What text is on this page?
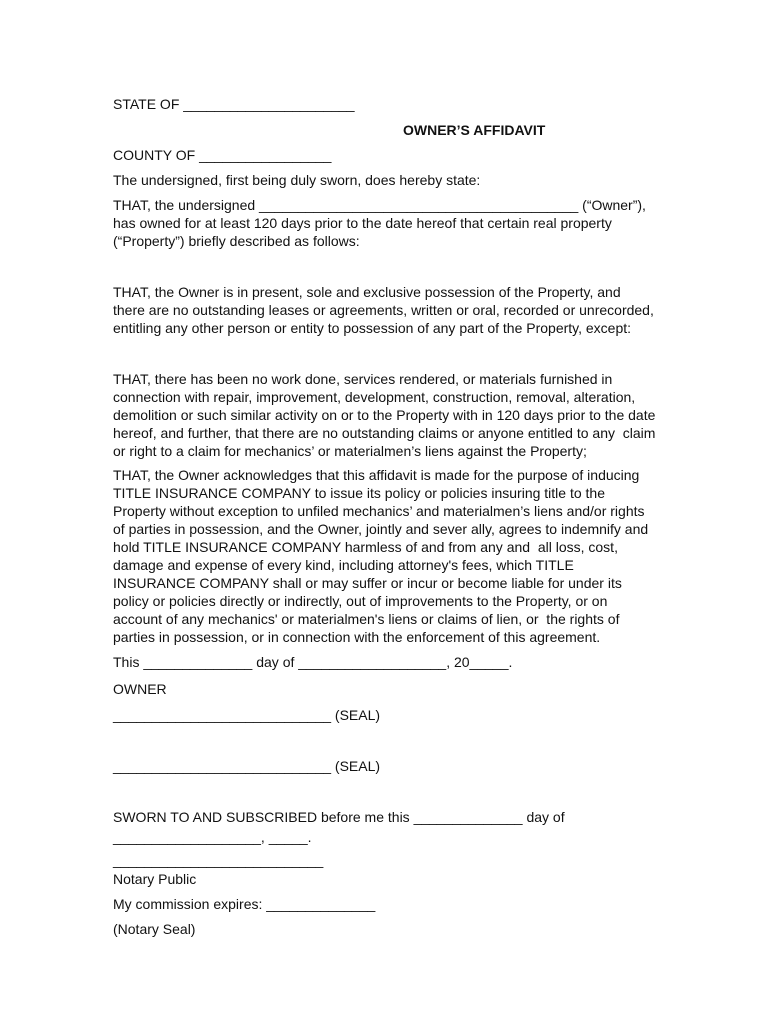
STATE OF ______________________

OWNER’S AFFIDAVIT

COUNTY OF _________________

The undersigned, first being duly sworn, does hereby state:

THAT, the undersigned _________________________________________ (“Owner”),
has owned for at least 120 days prior to the date hereof that certain real property
(“Property”) briefly described as follows:
THAT, the Owner is in present, sole and exclusive possession of the Property, and
there are no outstanding leases or agreements, written or oral, recorded or unrecorded,
entitling any other person or entity to possession of any part of the Property, except:
THAT, there has been no work done, services rendered, or materials furnished in
connection with repair, improvement, development, construction, removal, alteration,
demolition or such similar activity on or to the Property with in 120 days prior to the date
hereof, and further, that there are no outstanding claims or anyone entitled to any  claim
or right to a claim for mechanics’ or materialmen’s liens against the Property;
THAT, the Owner acknowledges that this affidavit is made for the purpose of inducing
TITLE INSURANCE COMPANY to issue its policy or policies insuring title to the
Property without exception to unfiled mechanics’ and materialmen’s liens and/or rights
of parties in possession, and the Owner, jointly and sever ally, agrees to indemnify and
hold TITLE INSURANCE COMPANY harmless of and from any and  all loss, cost,
damage and expense of every kind, including attorney's fees, which TITLE
INSURANCE COMPANY shall or may suffer or incur or become liable for under its
policy or policies directly or indirectly, out of improvements to the Property, or on
account of any mechanics' or materialmen's liens or claims of lien, or  the rights of
parties in possession, or in connection with the enforcement of this agreement.

This ______________ day of ___________________, 20_____.

OWNER

____________________________ (SEAL)

____________________________ (SEAL)

SWORN TO AND SUBSCRIBED before me this ______________ day of

___________________, _____.

___________________________

Notary Public

My commission expires: ______________

(Notary Seal)
